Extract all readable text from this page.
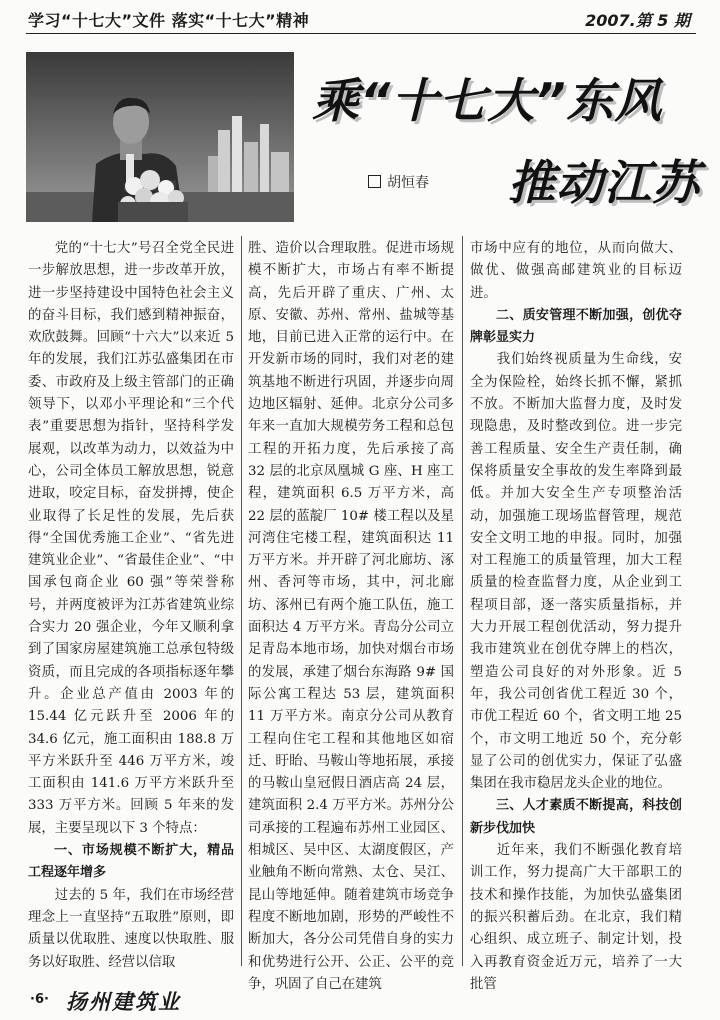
学习“十七大”文件 落实“十七大”精神	2007.第 5 期
乘“十七大”东风
推动江苏
胡恒春

党的“十七大”号召全党全民进一步解放思想，进一步改革开放，进一步坚持建设中国特色社会主义的奋斗目标，我们感到精神振奋，欢欣鼓舞。回顾“十六大”以来近 5 年的发展，我们江苏弘盛集团在市委、市政府及上级主管部门的正确领导下，以邓小平理论和“三个代表”重要思想为指针，坚持科学发展观，以改革为动力，以效益为中心，公司全体员工解放思想，锐意进取，咬定目标，奋发拼搏，使企业取得了长足性的发展，先后获得“全国优秀施工企业”、“省先进建筑业企业”、“省最佳企业”、“中国承包商企业 60 强”等荣誉称号，并两度被评为江苏省建筑业综合实力 20 强企业，今年又顺利拿到了国家房屋建筑施工总承包特级资质，而且完成的各项指标逐年攀升。企业总产值由 2003 年的 15.44 亿元跃升至 2006 年的 34.6 亿元，施工面积由 188.8 万平方米跃升至 446 万平方米，竣工面积由 141.6 万平方米跃升至 333 万平方米。回顾 5 年来的发展，主要呈现以下 3 个特点：

一、市场规模不断扩大，精品工程逐年增多

过去的 5 年，我们在市场经营理念上一直坚持“五取胜”原则，即质量以优取胜、速度以快取胜、服务以好取胜、经营以信取

胜、造价以合理取胜。促进市场规模不断扩大，市场占有率不断提高，先后开辟了重庆、广州、太原、安徽、苏州、常州、盐城等基地，目前已进入正常的运行中。在开发新市场的同时，我们对老的建筑基地不断进行巩固，并逐步向周边地区辐射、延伸。北京分公司多年来一直加大规模劳务工程和总包工程的开拓力度，先后承接了高 32 层的北京凤凰城 G 座、H 座工程，建筑面积 6.5 万平方米，高 22 层的蓝靛厂 10# 楼工程以及星河湾住宅楼工程，建筑面积达 11 万平方米。并开辟了河北廊坊、涿州、香河等市场，其中，河北廊坊、涿州已有两个施工队伍，施工面积达 4 万平方米。青岛分公司立足青岛本地市场，加快对烟台市场的发展，承建了烟台东海路 9# 国际公寓工程达 53 层，建筑面积 11 万平方米。南京分公司从教育工程向住宅工程和其他地区如宿迁、盱眙、马鞍山等地拓展，承接的马鞍山皇冠假日酒店高 24 层，建筑面积 2.4 万平方米。苏州分公司承接的工程遍布苏州工业园区、相城区、吴中区、太湖度假区，产业触角不断向常熟、太仓、吴江、昆山等地延伸。随着建筑市场竞争程度不断地加剧，形势的严峻性不断加大，各分公司凭借自身的实力和优势进行公开、公正、公平的竞争，巩固了自己在建筑

市场中应有的地位，从而向做大、做优、做强高邮建筑业的目标迈进。

二、质安管理不断加强，创优夺牌彰显实力

我们始终视质量为生命线，安全为保险栓，始终长抓不懈，紧抓不放。不断加大监督力度，及时发现隐患，及时整改到位。进一步完善工程质量、安全生产责任制，确保将质量安全事故的发生率降到最低。并加大安全生产专项整治活动，加强施工现场监督管理，规范安全文明工地的申报。同时，加强对工程施工的质量管理，加大工程质量的检查监督力度，从企业到工程项目部，逐一落实质量指标，并大力开展工程创优活动，努力提升我市建筑业在创优夺牌上的档次，塑造公司良好的对外形象。近 5 年，我公司创省优工程近 30 个，市优工程近 60 个，省文明工地 25 个，市文明工地近 50 个，充分彰显了公司的创优实力，保证了弘盛集团在我市稳居龙头企业的地位。

三、人才素质不断提高，科技创新步伐加快

近年来，我们不断强化教育培训工作，努力提高广大干部职工的技术和操作技能，为加快弘盛集团的振兴积蓄后劲。在北京，我们精心组织、成立班子、制定计划，投入再教育资金近万元，培养了一大批管

·6· 扬州建筑业
